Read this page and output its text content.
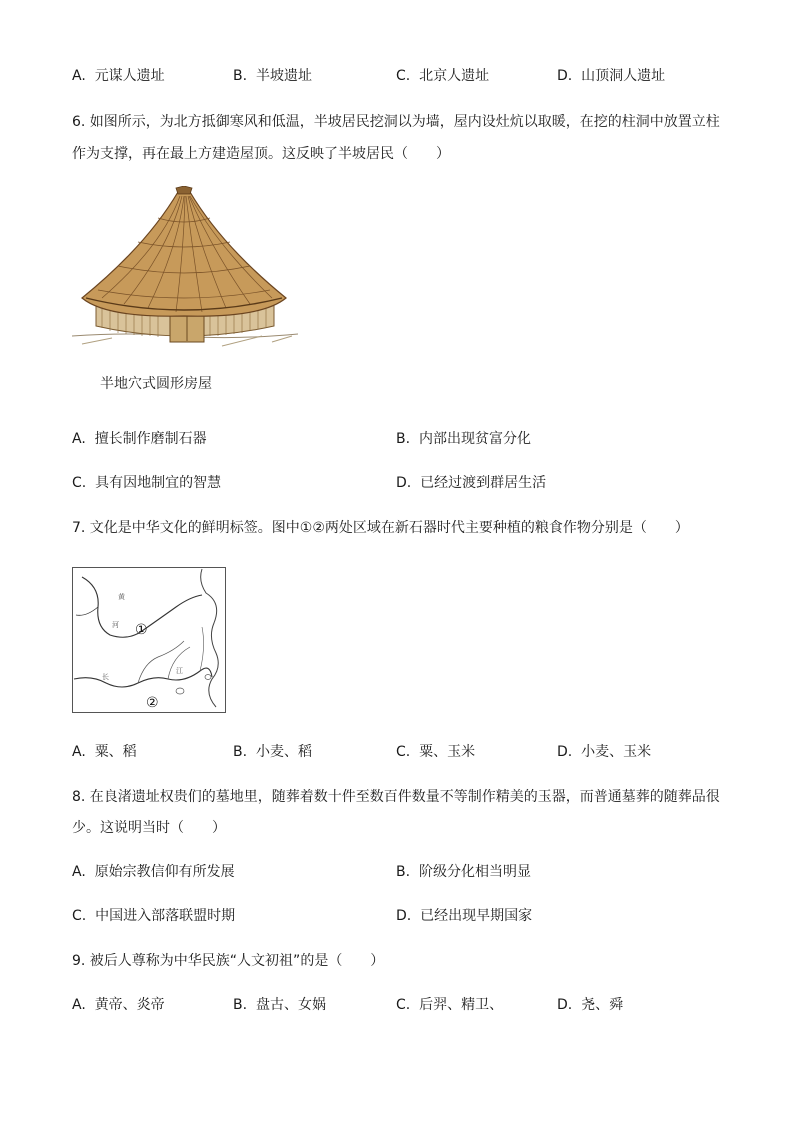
A. 元谋人遗址	B. 半坡遗址	C. 北京人遗址	D. 山顶洞人遗址
6. 如图所示，为北方抵御寒风和低温，半坡居民挖洞以为墙，屋内设灶炕以取暖，在挖的柱洞中放置立柱
作为支撑，再在最上方建造屋顶。这反映了半坡居民（　　）
半地穴式圆形房屋
A. 擅长制作磨制石器	B. 内部出现贫富分化
C. 具有因地制宜的智慧	D. 已经过渡到群居生活
7. 文化是中华文化的鲜明标签。图中①②两处区域在新石器时代主要种植的粮食作物分别是（　　）
黄
河
长
江
①
②
A. 粟、稻	B. 小麦、稻	C. 粟、玉米	D. 小麦、玉米
8. 在良渚遗址权贵们的墓地里，随葬着数十件至数百件数量不等制作精美的玉器，而普通墓葬的随葬品很
少。这说明当时（　　）
A. 原始宗教信仰有所发展	B. 阶级分化相当明显
C. 中国进入部落联盟时期	D. 已经出现早期国家
9. 被后人尊称为中华民族“人文初祖”的是（　　）
A. 黄帝、炎帝	B. 盘古、女娲	C. 后羿、精卫、	D. 尧、舜
